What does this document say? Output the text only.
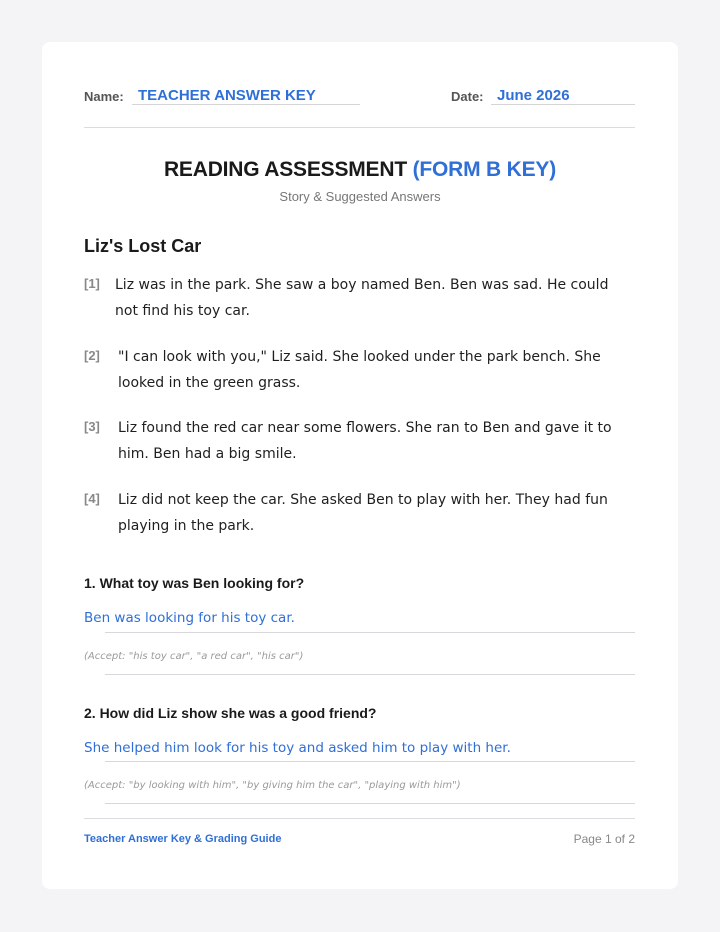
Name: TEACHER ANSWER KEY	Date: June 2026
READING ASSESSMENT (FORM B KEY)
Story & Suggested Answers
Liz's Lost Car
[1] Liz was in the park. She saw a boy named Ben. Ben was sad. He could not find his toy car.
[2] "I can look with you," Liz said. She looked under the park bench. She looked in the green grass.
[3] Liz found the red car near some flowers. She ran to Ben and gave it to him. Ben had a big smile.
[4] Liz did not keep the car. She asked Ben to play with her. They had fun playing in the park.
1. What toy was Ben looking for?
Ben was looking for his toy car.
(Accept: "his toy car", "a red car", "his car")
2. How did Liz show she was a good friend?
She helped him look for his toy and asked him to play with her.
(Accept: "by looking with him", "by giving him the car", "playing with him")
Teacher Answer Key & Grading Guide	Page 1 of 2
